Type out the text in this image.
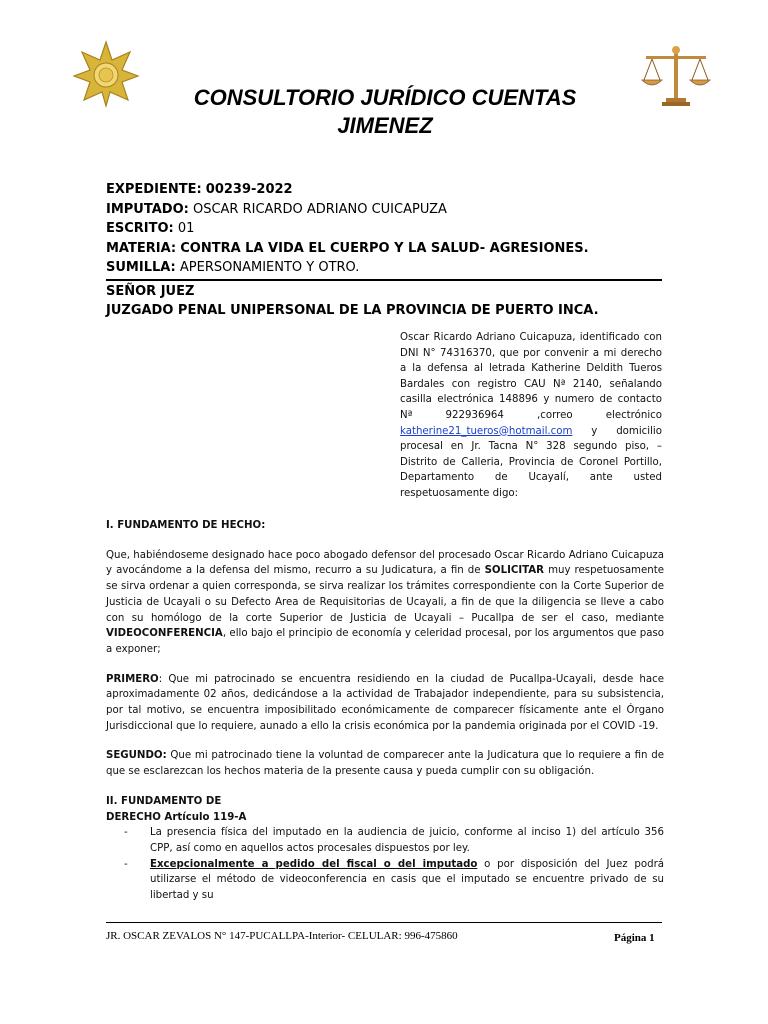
CONSULTORIO JURÍDICO CUENTAS
JIMENEZ
EXPEDIENTE: 00239-2022
IMPUTADO: OSCAR RICARDO ADRIANO CUICAPUZA
ESCRITO: 01
MATERIA: CONTRA LA VIDA EL CUERPO Y LA SALUD- AGRESIONES.
SUMILLA: APERSONAMIENTO Y OTRO.
SEÑOR JUEZ
JUZGADO PENAL UNIPERSONAL DE LA PROVINCIA DE PUERTO INCA.
Oscar Ricardo Adriano Cuicapuza, identificado con DNI N° 74316370, que por convenir a mi derecho a la defensa al letrada Katherine Deldith Tueros Bardales con registro CAU Nª 2140, señalando casilla electrónica 148896 y numero de contacto Nª 922936964 ,correo electrónico katherine21_tueros@hotmail.com y domicilio procesal en Jr. Tacna N° 328 segundo piso, – Distrito de Calleria, Provincia de Coronel Portillo, Departamento de Ucayalí, ante usted respetuosamente digo:
I. FUNDAMENTO DE HECHO:

Que, habiéndoseme designado hace poco abogado defensor del procesado Oscar Ricardo Adriano Cuicapuza y avocándome a la defensa del mismo, recurro a su Judicatura, a fin de SOLICITAR muy respetuosamente se sirva ordenar a quien corresponda, se sirva realizar los trámites correspondiente con la Corte Superior de Justicia de Ucayali o su Defecto Area de Requisitorias de Ucayali, a fin de que la diligencia se lleve a cabo con su homólogo de la corte Superior de Justicia de Ucayali – Pucallpa de ser el caso, mediante VIDEOCONFERENCIA, ello bajo el principio de economía y celeridad procesal, por los argumentos que paso a exponer;

PRIMERO: Que mi patrocinado se encuentra residiendo en la ciudad de Pucallpa-Ucayali, desde hace aproximadamente 02 años, dedicándose a la actividad de Trabajador independiente, para su subsistencia, por tal motivo, se encuentra imposibilitado económicamente de comparecer físicamente ante el Órgano Jurisdiccional que lo requiere, aunado a ello la crisis económica por la pandemia originada por el COVID -19.

SEGUNDO: Que mi patrocinado tiene la voluntad de comparecer ante la Judicatura que lo requiere a fin de que se esclarezcan los hechos materia de la presente causa y pueda cumplir con su obligación.

II. FUNDAMENTO DE
DERECHO Artículo 119-A
- La presencia física del imputado en la audiencia de juicio, conforme al inciso 1) del artículo 356 CPP, así como en aquellos actos procesales dispuestos por ley.
- Excepcionalmente a pedido del fiscal o del imputado o por disposición del Juez podrá utilizarse el método de videoconferencia en casis que el imputado se encuentre privado de su libertad y su
JR. OSCAR ZEVALOS N° 147-PUCALLPA-Interior- CELULAR: 996-475860	Página 1
